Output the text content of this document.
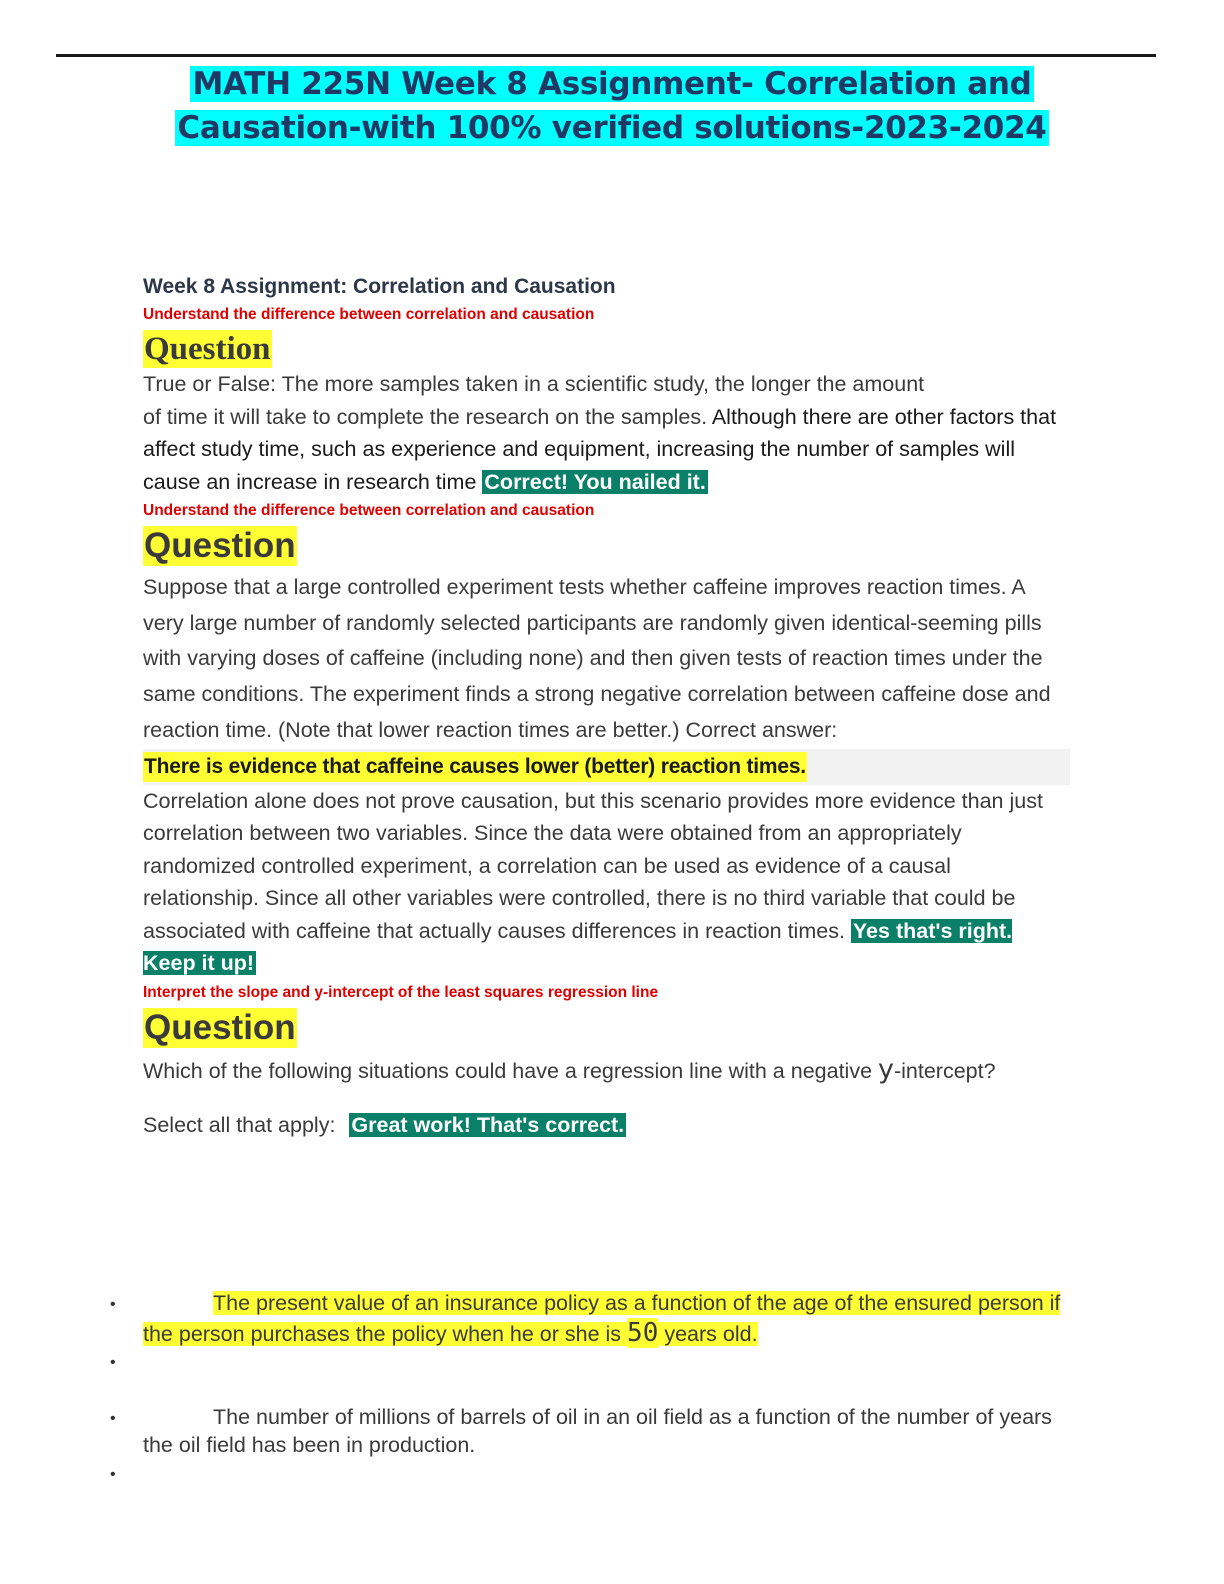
MATH 225N Week 8 Assignment- Correlation and
Causation-with 100% verified solutions-2023-2024
Week 8 Assignment: Correlation and Causation
Understand the difference between correlation and causation
Question
True or False: The more samples taken in a scientific study, the longer the amount
of time it will take to complete the research on the samples. Although there are other factors that affect study time, such as experience and equipment, increasing the number of samples will cause an increase in research time Correct! You nailed it.
Understand the difference between correlation and causation
Question
Suppose that a large controlled experiment tests whether caffeine improves reaction times. A very large number of randomly selected participants are randomly given identical-seeming pills with varying doses of caffeine (including none) and then given tests of reaction times under the same conditions. The experiment finds a strong negative correlation between caffeine dose and reaction time. (Note that lower reaction times are better.) Correct answer:
There is evidence that caffeine causes lower (better) reaction times.
Correlation alone does not prove causation, but this scenario provides more evidence than just correlation between two variables. Since the data were obtained from an appropriately randomized controlled experiment, a correlation can be used as evidence of a causal relationship. Since all other variables were controlled, there is no third variable that could be associated with caffeine that actually causes differences in reaction times. Yes that's right. Keep it up!
Interpret the slope and y-intercept of the least squares regression line
Question
Which of the following situations could have a regression line with a negative y-intercept?
Select all that apply: Great work! That's correct.
•	The present value of an insurance policy as a function of the age of the ensured person if the person purchases the policy when he or she is 50 years old.
•
•	The number of millions of barrels of oil in an oil field as a function of the number of years the oil field has been in production.
•
